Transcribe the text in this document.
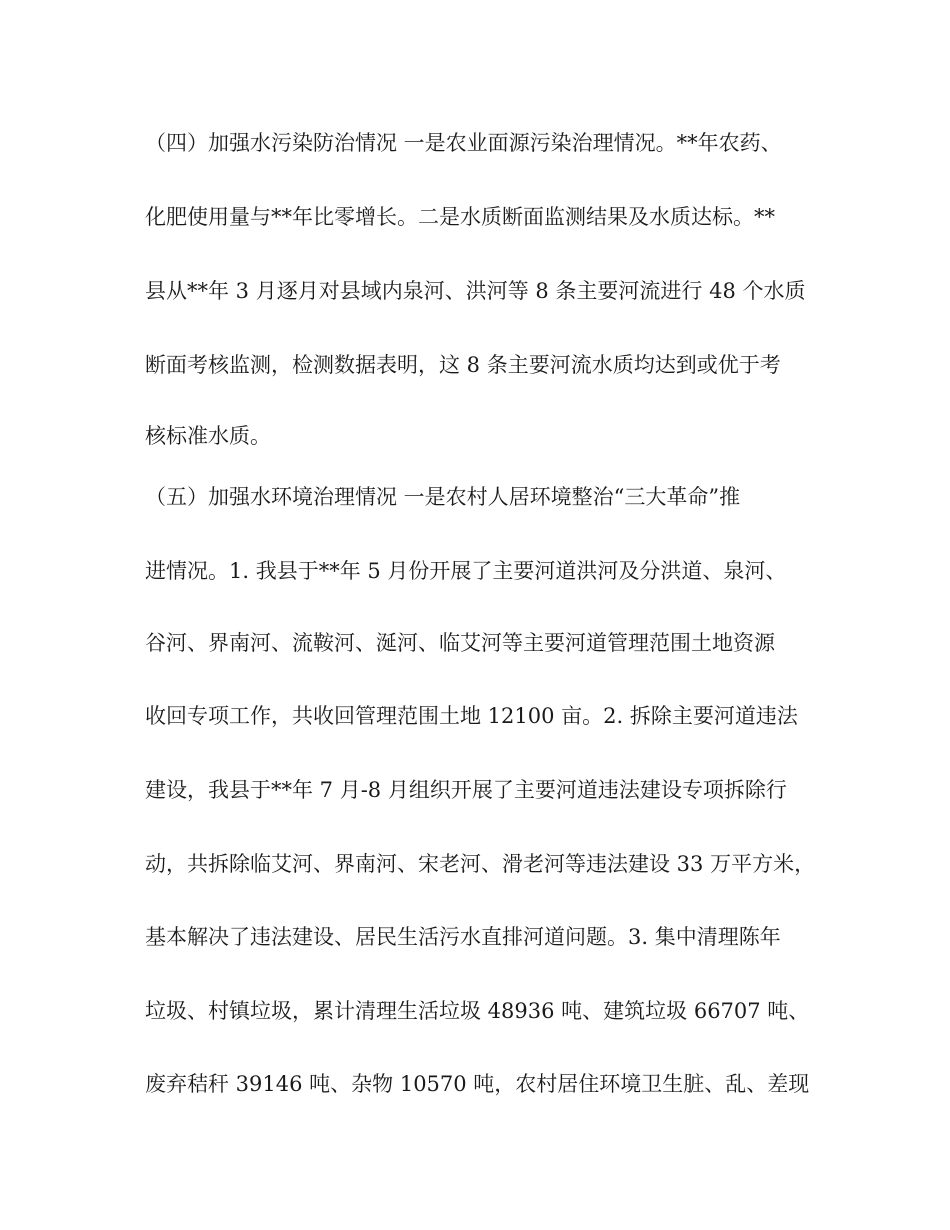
（四）加强水污染防治情况 一是农业面源污染治理情况。**年农药、
化肥使用量与**年比零增长。二是水质断面监测结果及水质达标。**
县从**年 3 月逐月对县域内泉河、洪河等 8 条主要河流进行 48 个水质
断面考核监测，检测数据表明，这 8 条主要河流水质均达到或优于考
核标准水质。
（五）加强水环境治理情况 一是农村人居环境整治“三大革命”推
进情况。1. 我县于**年 5 月份开展了主要河道洪河及分洪道、泉河、
谷河、界南河、流鞍河、涎河、临艾河等主要河道管理范围土地资源
收回专项工作，共收回管理范围土地 12100 亩。2. 拆除主要河道违法
建设，我县于**年 7 月-8 月组织开展了主要河道违法建设专项拆除行
动，共拆除临艾河、界南河、宋老河、滑老河等违法建设 33 万平方米，
基本解决了违法建设、居民生活污水直排河道问题。3. 集中清理陈年
垃圾、村镇垃圾，累计清理生活垃圾 48936 吨、建筑垃圾 66707 吨、
废弃秸秆 39146 吨、杂物 10570 吨，农村居住环境卫生脏、乱、差现
